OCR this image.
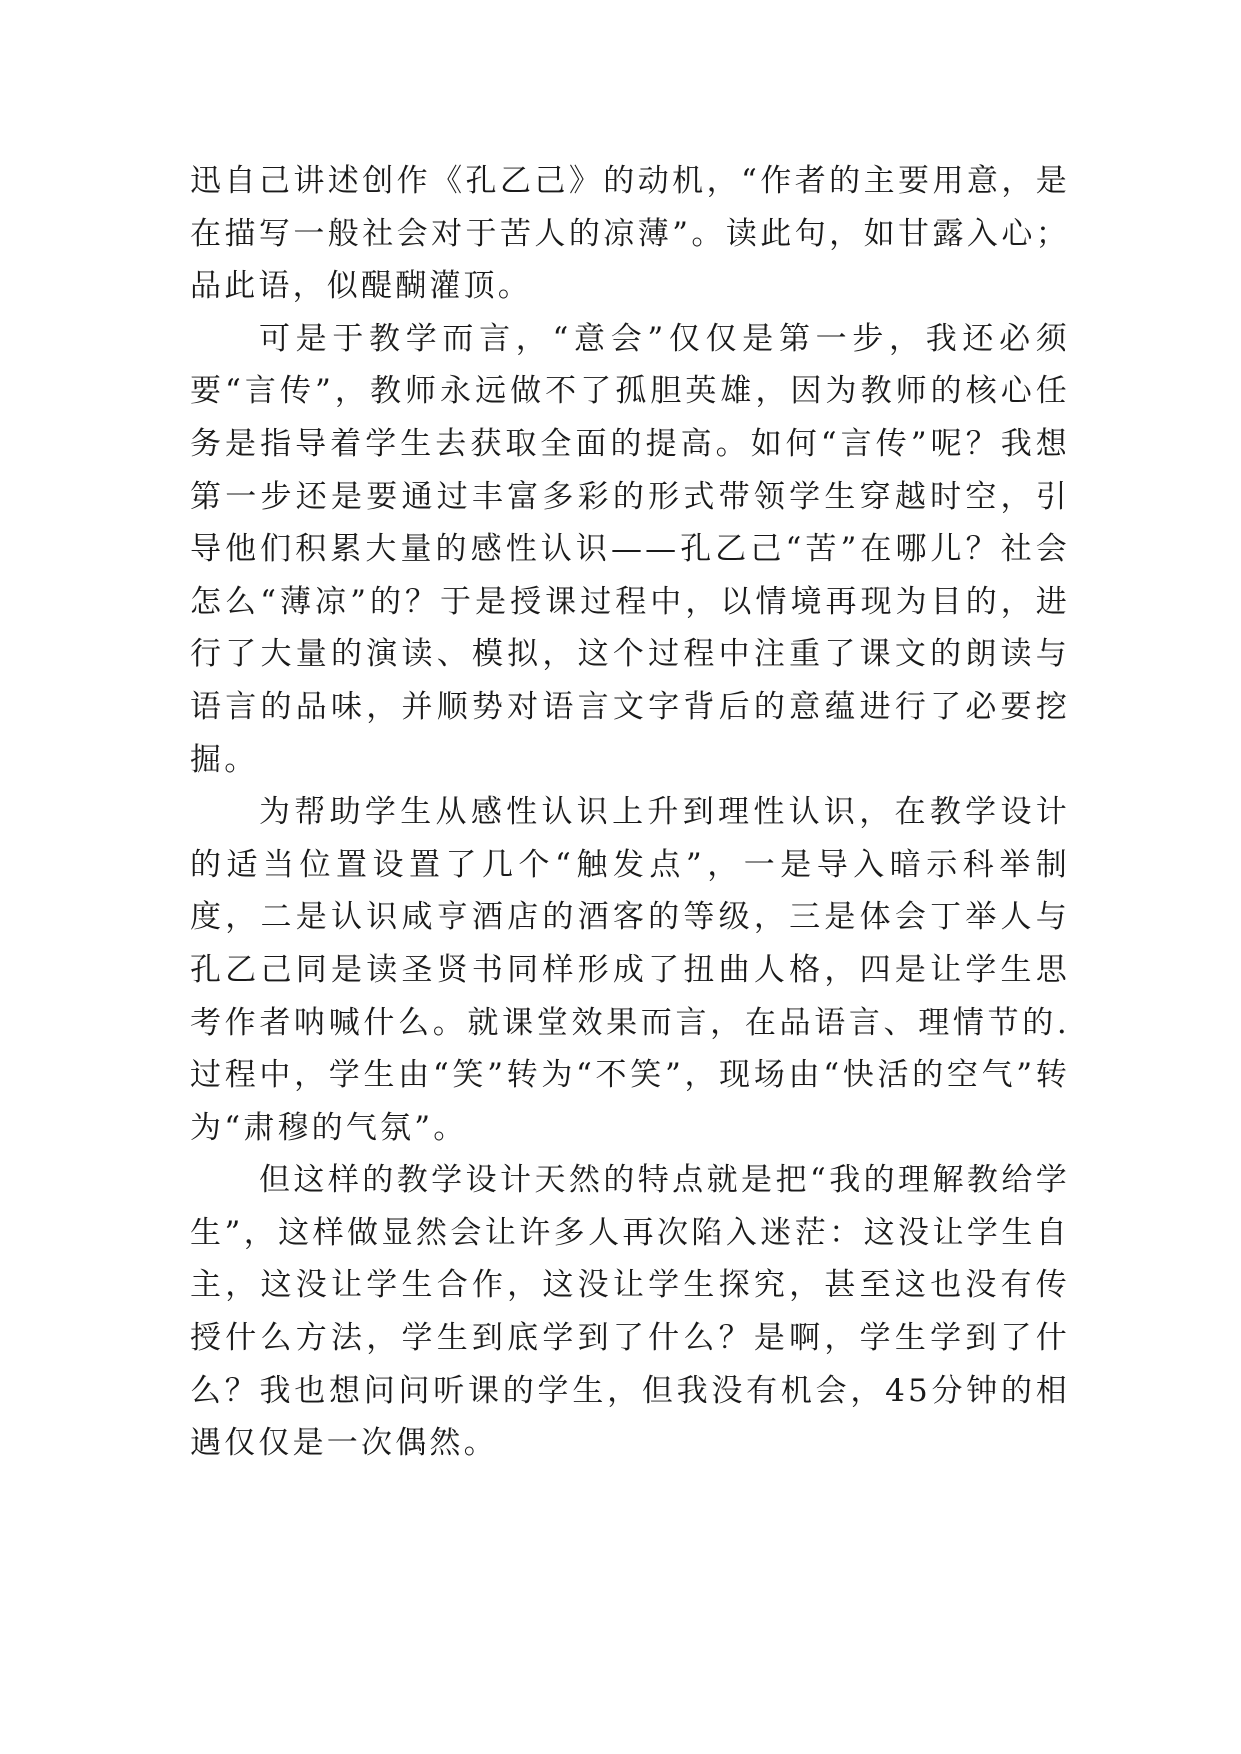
迅自己讲述创作《孔乙己》的动机，“作者的主要用意，是在描写一般社会对于苦人的凉薄”。读此句，如甘露入心；品此语，似醍醐灌顶。

可是于教学而言，“意会”仅仅是第一步，我还必须要“言传”，教师永远做不了孤胆英雄，因为教师的核心任务是指导着学生去获取全面的提高。如何“言传”呢？我想第一步还是要通过丰富多彩的形式带领学生穿越时空，引导他们积累大量的感性认识——孔乙己“苦”在哪儿？社会怎么“薄凉”的？于是授课过程中，以情境再现为目的，进行了大量的演读、模拟，这个过程中注重了课文的朗读与语言的品味，并顺势对语言文字背后的意蕴进行了必要挖掘。

为帮助学生从感性认识上升到理性认识，在教学设计的适当位置设置了几个“触发点”，一是导入暗示科举制度，二是认识咸亨酒店的酒客的等级，三是体会丁举人与孔乙己同是读圣贤书同样形成了扭曲人格，四是让学生思考作者呐喊什么。就课堂效果而言，在品语言、理情节的.过程中，学生由“笑”转为“不笑”，现场由“快活的空气”转为“肃穆的气氛”。

但这样的教学设计天然的特点就是把“我的理解教给学生”，这样做显然会让许多人再次陷入迷茫：这没让学生自主，这没让学生合作，这没让学生探究，甚至这也没有传授什么方法，学生到底学到了什么？是啊，学生学到了什么？我也想问问听课的学生，但我没有机会，45分钟的相遇仅仅是一次偶然。
